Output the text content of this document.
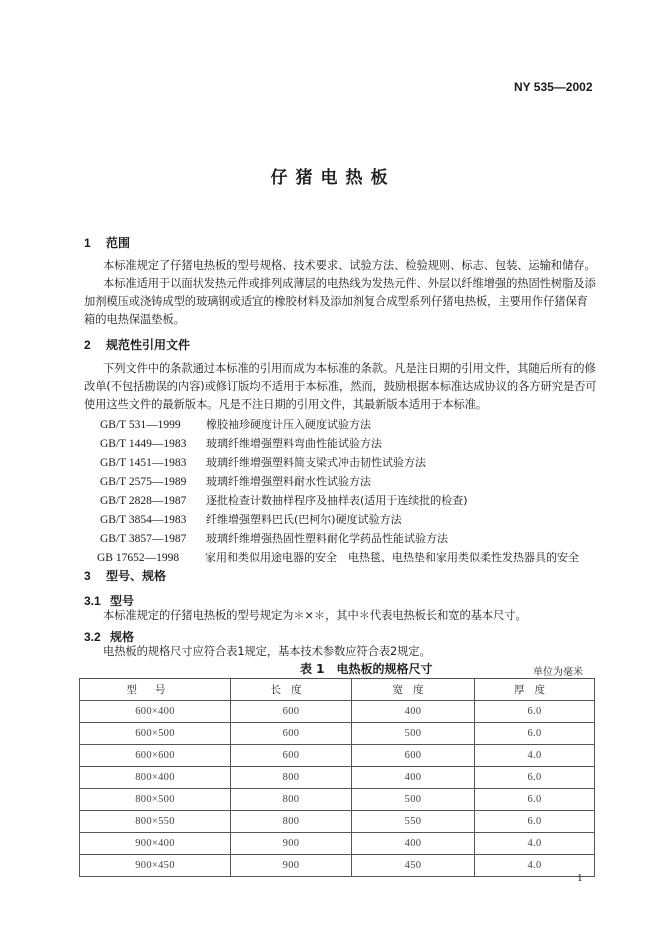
NY 535—2002
仔猪电热板
1 范围

本标准规定了仔猪电热板的型号规格、技术要求、试验方法、检验规则、标志、包装、运输和储存。

本标准适用于以面状发热元件或排列成薄层的电热线为发热元件、外层以纤维增强的热固性树脂及添加剂模压或浇铸成型的玻璃钢或适宜的橡胶材料及添加剂复合成型系列仔猪电热板，主要用作仔猪保育箱的电热保温垫板。

2 规范性引用文件

下列文件中的条款通过本标准的引用而成为本标准的条款。凡是注日期的引用文件，其随后所有的修改单(不包括勘误的内容)或修订版均不适用于本标准，然而，鼓励根据本标准达成协议的各方研究是否可使用这些文件的最新版本。凡是不注日期的引用文件，其最新版本适用于本标准。

GB/T 531—1999 橡胶袖珍硬度计压入硬度试验方法
GB/T 1449—1983 玻璃纤维增强塑料弯曲性能试验方法
GB/T 1451—1983 玻璃纤维增强塑料简支梁式冲击韧性试验方法
GB/T 2575—1989 玻璃纤维增强塑料耐水性试验方法
GB/T 2828—1987 逐批检查计数抽样程序及抽样表(适用于连续批的检查)
GB/T 3854—1983 纤维增强塑料巴氏(巴柯尔)硬度试验方法
GB/T 3857—1987 玻璃纤维增强热固性塑料耐化学药品性能试验方法
GB 17652—1998 家用和类似用途电器的安全　电热毯、电热垫和家用类似柔性发热器具的安全
3 型号、规格
3.1 型号

本标准规定的仔猪电热板的型号规定为＊×＊，其中＊代表电热板长和宽的基本尺寸。

3.2 规格

电热板的规格尺寸应符合表1规定，基本技术参数应符合表2规定。

表 1　电热板的规格尺寸	单位为毫米
型号	长度	宽度	厚度
600×400	600	400	6.0
600×500	600	500	6.0
600×600	600	600	4.0
800×400	800	400	6.0
800×500	800	500	6.0
800×550	800	550	6.0
900×400	900	400	4.0
900×450	900	450	4.0
1
